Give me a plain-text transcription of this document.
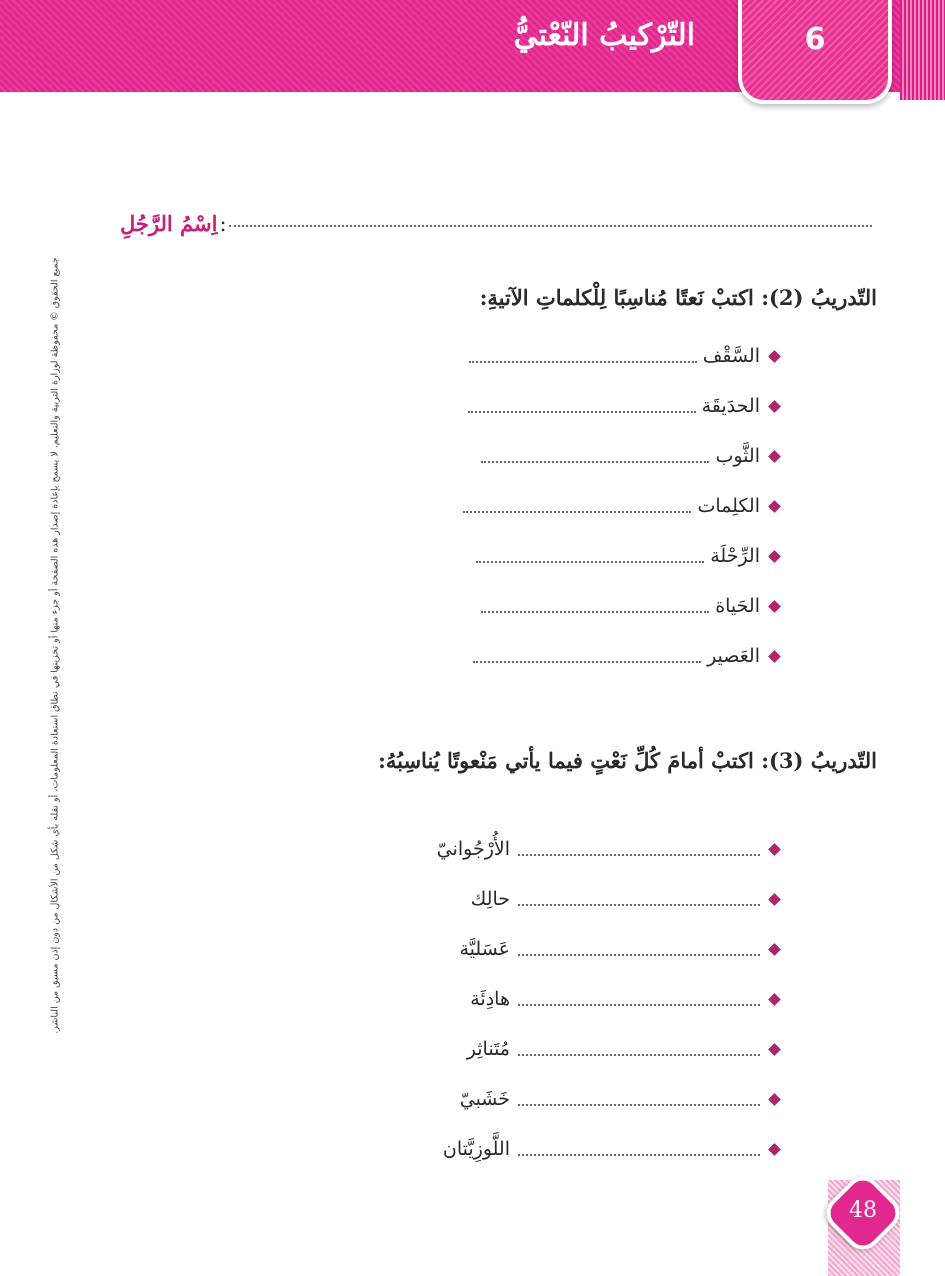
التّرْكيبُ النّعْتيُّ	6
اِسْمُ الرَّجُلِ :
التّدريبُ (2): اكتبْ نَعتًا مُناسِبًا لِلْكلماتِ الآتيةِ:
السَّقْف
الحدَيقَة
الثَّوب
الكلِمات
الرِّحْلَة
الحَياة
العَصير
التّدريبُ (3): اكتبْ أمامَ كُلِّ نَعْتٍ فيما يأتي مَنْعوتًا يُناسِبُهُ:
الأُرْجُوانيّ
حالِك
عَسَليَّة
هادِئَة
مُتَناثِر
خَشَبيّ
اللَّوزِيَّتان
جميع الحقوق © محفوظة لوزارة التربية والتعليم. لا يسمح بإعادة إصدار هذه الصفحة أو جزء منها أو تخزينها في نطاق استعادة المعلومات، أو نقله بأي شكل من الأشكال من دون إذن مسبق من الناشر.
48
